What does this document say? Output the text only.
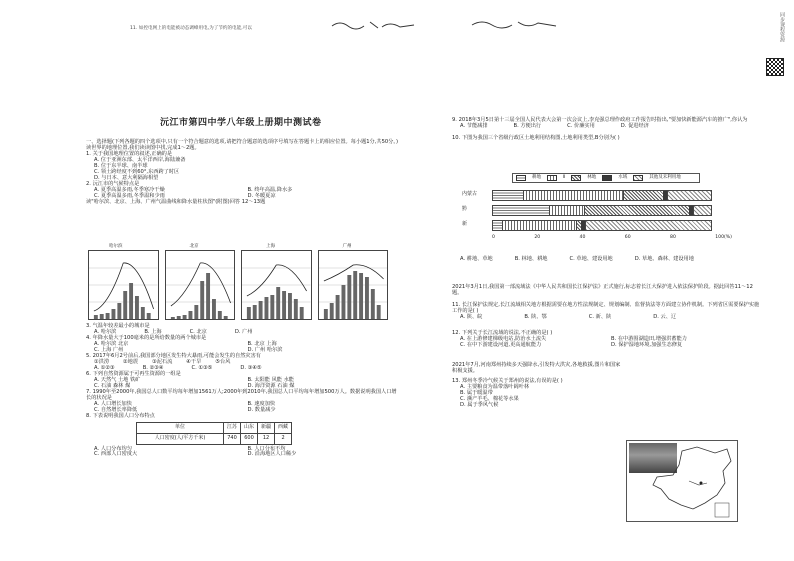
11. 如控电网上的电能被动态调峰用电,为了节约的电能,可以	同步课程资源
沅江市第四中学八年级上册期中测试卷
一、选择题(下列各题的四个选项中,只有一个符合题意的选项,请把符合题意的选项序号填写在答题卡上的相应位置。每小题1分,共50分。)
读世界的地理位置,我们读读图中找,完成1～2题。
1. 关于我国地理位置的叙述,正确的是
A. 位于亚洲东部、太平洋西岸,海陆兼备
B. 位于东半球、南半球
C. 领土跨经度不到60°,东西跨了时区
D. 与日本、意大利隔海相望
2. 沅江市的气候特点是
A. 夏季高温多雨,冬季寒冷干燥	B. 终年高温,降水多
C. 夏季高温多雨,冬季温和少雨	D. 冬暖夏凉
读"哈尔滨、北京、上海、广州气温曲线和降水量柱状图"(附图)回答 12～13题
哈尔滨	北京	上海	广州
3. 气温年较差最小的城市是
A. 哈尔滨	B. 上海	C. 北京	D. 广州
4. 年降水量大于100毫米的是所给数量的两个城市是
A. 哈尔滨 北京	B. 北京 上海
C. 上海 广州	D. 广州 哈尔滨
5. 2017年6月2号前后,我国部分地区发生特大暴雨,可能会发生的自然灾害有
①洪涝	②地震	③泥石流	④干旱	⑤台风
A. ①②③	B. ②③④	C. ①③⑤	D. ③④⑤
6. 下列自然资源属于可再生资源的一组是
A. 天然气 土地 铁矿	B. 太阳能 风能 水能
C. 石油 森林 煤	D. 海洋资源 石油 煤
7. 1990年至2000年,我国总人口数平均每年增加1561万人;2000年到2010年,我国总人口平均每年增加500万人。数据说明我国人口增长的状况是
A. 人口增长加快	B. 速度加快
C. 自然增长率降低	D. 数量减少
8. 下表说明我国人口分布特点
单位	江苏	山东	新疆	西藏
人口密度(人/平方千米)	740	600	12	2
A. 人口分布均匀	B. 人口分布不均
C. 西部人口密度大	D. 沿海地区人口稀少
9. 2018年3月5日第十三届全国人民代表大会第一次会议上,李克强总理作政府工作报告时指出,"要加快新能源汽车的推广",你认为
A. 节能减排	B. 方便出行	C. 价廉实用	D. 促进经济
10. 下图为我国三个省级行政区土地利用结构图,土地利用类型,B分别为( )
耕地	Ⅱ	林地	水域	其他及未利用地
内蒙古
黔
新
0	20	40	60	80	100(%)
A. 耕地、草地	B. 林地、耕地	C. 草地、建设用地	D. 草地、森林、建设用地
2021年3月1日,我国第一部流域法《中华人民共和国长江保护法》正式施行,标志着长江大保护进入依法保护阶段。据此回答11～12题。
11. 长江保护法规定,长江流域相关地方根据需要在地方性法规制定、规划编制、监督执法等方面建立协作机制。下列省区需要保护实施工作的是( )
A. 陕、皖	B. 陕、鄂	C. 新、陕	D. 云、辽
12. 下列关于长江流域的说法,不正确的是( )
A. 在上游修建梯级电站,防治水土流失	B. 在中游围湖造田,增强洪蓄能力
C. 在中下游建设河道,更高通航能力	D. 保护湿地环境,加强生态修复
2021年7月,河南郑州持续多天强降水,引发特大洪灾,各地救援,图片和国家积极支援。
13. 郑州冬季冷气候关于郑州的说法,有误的是( )
A. 主要粮食为温带落叶阔叶林
B. 属于暖温带
C. 濒产羊毛、棉花等水果
D. 属于季风气候
